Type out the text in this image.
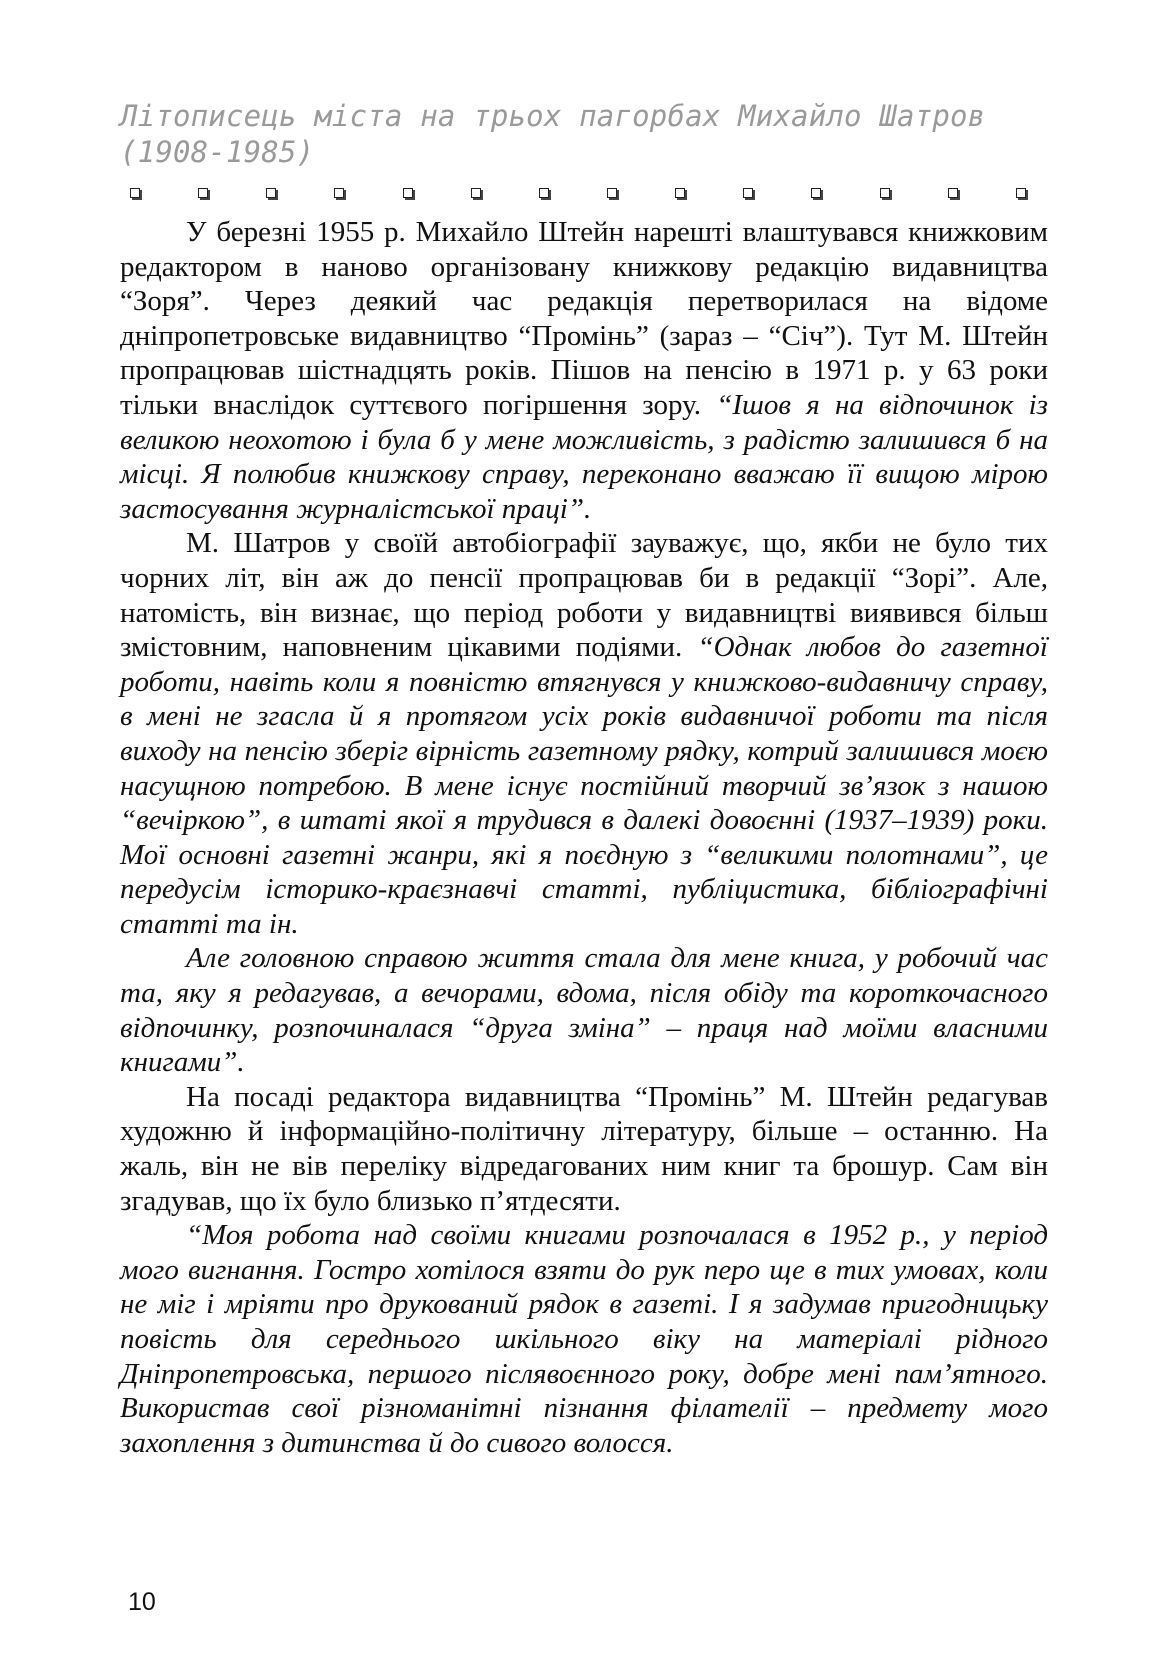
Літописець міста на трьох пагорбах Михайло Шатров (1908-1985)

У березні 1955 р. Михайло Штейн нарешті влаштувався книжковим редактором в наново організовану книжкову редакцію видавництва “Зоря”. Через деякий час редакція перетворилася на відоме дніпропетровське видавництво “Промінь” (зараз – “Січ”). Тут М. Штейн пропрацював шістнадцять років. Пішов на пенсію в 1971 р. у 63 роки тільки внаслідок суттєвого погіршення зору. “Ішов я на відпочинок із великою неохотою і була б у мене можливість, з радістю залишився б на місці. Я полюбив книжкову справу, переконано вважаю її вищою мірою застосування журналістської праці”.

М. Шатров у своїй автобіографії зауважує, що, якби не було тих чорних літ, він аж до пенсії пропрацював би в редакції “Зорі”. Але, натомість, він визнає, що період роботи у видавництві виявився більш змістовним, наповненим цікавими подіями. “Однак любов до газетної роботи, навіть коли я повністю втягнувся у книжково-видавничу справу, в мені не згасла й я протягом усіх років видавничої роботи та після виходу на пенсію зберіг вірність газетному рядку, котрий залишився моєю насущною потребою. В мене існує постійний творчий зв’язок з нашою “вечіркою”, в штаті якої я трудився в далекі довоєнні (1937–1939) роки. Мої основні газетні жанри, які я поєдную з “великими полотнами”, це передусім історико-краєзнавчі статті, публіцистика, бібліографічні статті та ін.

Але головною справою життя стала для мене книга, у робочий час та, яку я редагував, а вечорами, вдома, після обіду та короткочасного відпочинку, розпочиналася “друга зміна” – праця над моїми власними книгами”.

На посаді редактора видавництва “Промінь” М. Штейн редагував художню й інформаційно-політичну літературу, більше – останню. На жаль, він не вів переліку відредагованих ним книг та брошур. Сам він згадував, що їх було близько п’ятдесяти.

“Моя робота над своїми книгами розпочалася в 1952 р., у період мого вигнання. Гостро хотілося взяти до рук перо ще в тих умовах, коли не міг і мріяти про друкований рядок в газеті. І я задумав пригодницьку повість для середнього шкільного віку на матеріалі рідного Дніпропетровська, першого післявоєнного року, добре мені пам’ятного. Використав свої різноманітні пізнання філателії – предмету мого захоплення з дитинства й до сивого волосся.

10
